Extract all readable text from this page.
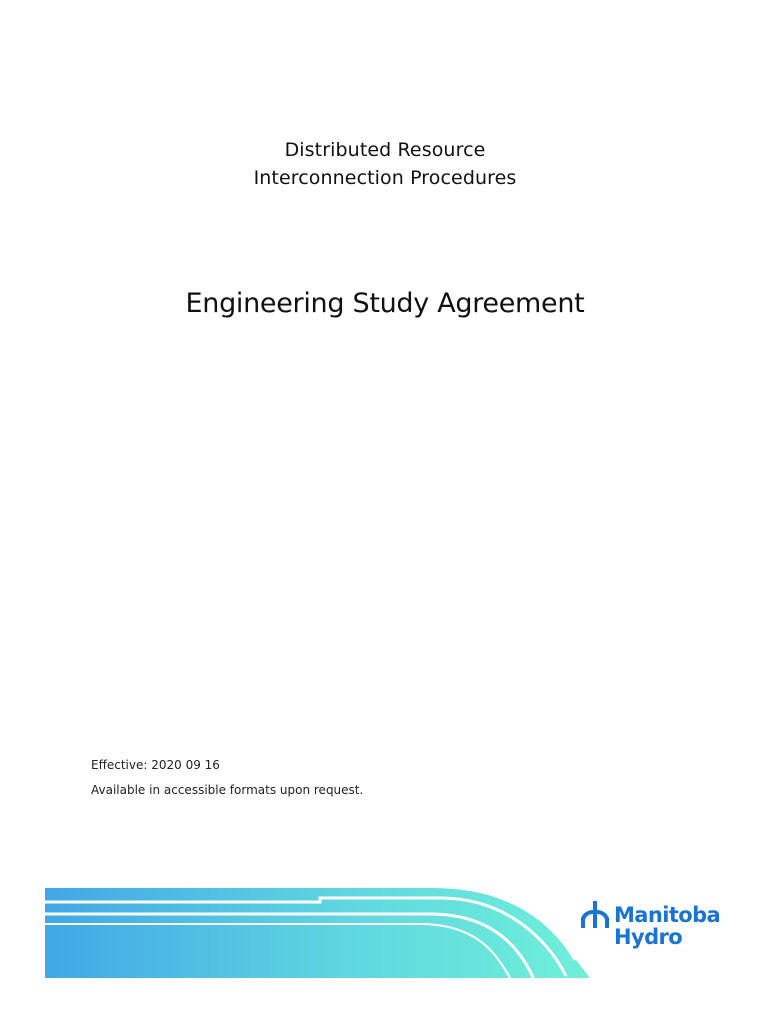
Distributed Resource
Interconnection Procedures
Engineering Study Agreement
Effective: 2020 09 16
Available in accessible formats upon request.
Manitoba
Hydro
